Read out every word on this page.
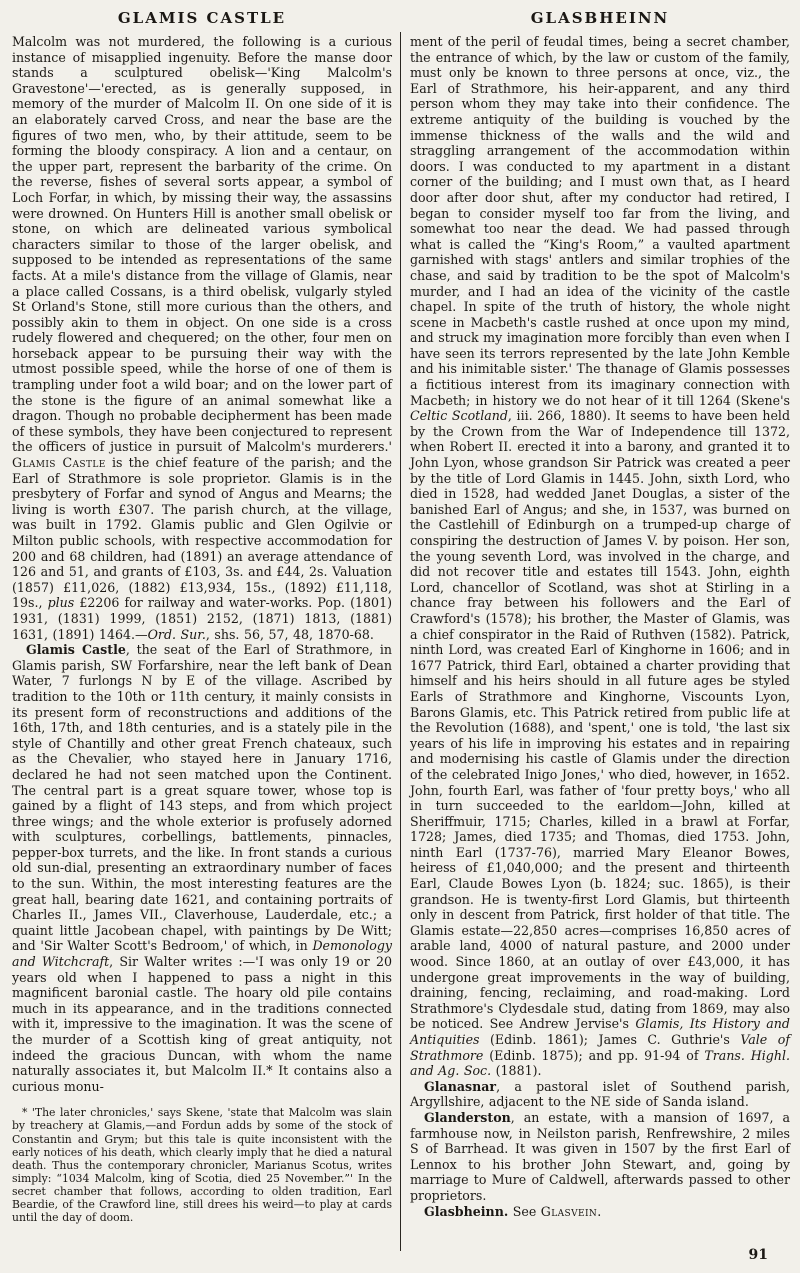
GLAMIS CASTLE

Malcolm was not murdered, the following is a curious instance of misapplied ingenuity. Before the manse door stands a sculptured obelisk—'King Malcolm's Gravestone'—'erected, as is generally supposed, in memory of the murder of Malcolm II. On one side of it is an elaborately carved Cross, and near the base are the figures of two men, who, by their attitude, seem to be forming the bloody conspiracy. A lion and a centaur, on the upper part, represent the barbarity of the crime. On the reverse, fishes of several sorts appear, a symbol of Loch Forfar, in which, by missing their way, the assassins were drowned. On Hunters Hill is another small obelisk or stone, on which are delineated various symbolical characters similar to those of the larger obelisk, and supposed to be intended as representations of the same facts. At a mile's distance from the village of Glamis, near a place called Cossans, is a third obelisk, vulgarly styled St Orland's Stone, still more curious than the others, and possibly akin to them in object. On one side is a cross rudely flowered and chequered; on the other, four men on horseback appear to be pursuing their way with the utmost possible speed, while the horse of one of them is trampling under foot a wild boar; and on the lower part of the stone is the figure of an animal somewhat like a dragon. Though no probable decipherment has been made of these symbols, they have been conjectured to represent the officers of justice in pursuit of Malcolm's murderers.' Glamis Castle is the chief feature of the parish; and the Earl of Strathmore is sole proprietor. Glamis is in the presbytery of Forfar and synod of Angus and Mearns; the living is worth £307. The parish church, at the village, was built in 1792. Glamis public and Glen Ogilvie or Milton public schools, with respective accommodation for 200 and 68 children, had (1891) an average attendance of 126 and 51, and grants of £103, 3s. and £44, 2s. Valuation (1857) £11,026, (1882) £13,934, 15s., (1892) £11,118, 19s., plus £2206 for railway and water-works. Pop. (1801) 1931, (1831) 1999, (1851) 2152, (1871) 1813, (1881) 1631, (1891) 1464.—Ord. Sur., shs. 56, 57, 48, 1870-68.

Glamis Castle, the seat of the Earl of Strathmore, in Glamis parish, SW Forfarshire, near the left bank of Dean Water, 7 furlongs N by E of the village. Ascribed by tradition to the 10th or 11th century, it mainly consists in its present form of reconstructions and additions of the 16th, 17th, and 18th centuries, and is a stately pile in the style of Chantilly and other great French chateaux, such as the Chevalier, who stayed here in January 1716, declared he had not seen matched upon the Continent. The central part is a great square tower, whose top is gained by a flight of 143 steps, and from which project three wings; and the whole exterior is profusely adorned with sculptures, corbellings, battlements, pinnacles, pepper-box turrets, and the like. In front stands a curious old sun-dial, presenting an extraordinary number of faces to the sun. Within, the most interesting features are the great hall, bearing date 1621, and containing portraits of Charles II., James VII., Claverhouse, Lauderdale, etc.; a quaint little Jacobean chapel, with paintings by De Witt; and 'Sir Walter Scott's Bedroom,' of which, in Demonology and Witchcraft, Sir Walter writes :—'I was only 19 or 20 years old when I happened to pass a night in this magnificent baronial castle. The hoary old pile contains much in its appearance, and in the traditions connected with it, impressive to the imagination. It was the scene of the murder of a Scottish king of great antiquity, not indeed the gracious Duncan, with whom the name naturally associates it, but Malcolm II.* It contains also a curious monu-

* 'The later chronicles,' says Skene, 'state that Malcolm was slain by treachery at Glamis,—and Fordun adds by some of the stock of Constantin and Grym; but this tale is quite inconsistent with the early notices of his death, which clearly imply that he died a natural death. Thus the contemporary chronicler, Marianus Scotus, writes simply: “1034 Malcolm, king of Scotia, died 25 November.”' In the secret chamber that follows, according to olden tradition, Earl Beardie, of the Crawford line, still drees his weird—to play at cards until the day of doom.
GLASBHEINN

ment of the peril of feudal times, being a secret chamber, the entrance of which, by the law or custom of the family, must only be known to three persons at once, viz., the Earl of Strathmore, his heir-apparent, and any third person whom they may take into their confidence. The extreme antiquity of the building is vouched by the immense thickness of the walls and the wild and straggling arrangement of the accommodation within doors. I was conducted to my apartment in a distant corner of the building; and I must own that, as I heard door after door shut, after my conductor had retired, I began to consider myself too far from the living, and somewhat too near the dead. We had passed through what is called the “King's Room,” a vaulted apartment garnished with stags' antlers and similar trophies of the chase, and said by tradition to be the spot of Malcolm's murder, and I had an idea of the vicinity of the castle chapel. In spite of the truth of history, the whole night scene in Macbeth's castle rushed at once upon my mind, and struck my imagination more forcibly than even when I have seen its terrors represented by the late John Kemble and his inimitable sister.' The thanage of Glamis possesses a fictitious interest from its imaginary connection with Macbeth; in history we do not hear of it till 1264 (Skene's Celtic Scotland, iii. 266, 1880). It seems to have been held by the Crown from the War of Independence till 1372, when Robert II. erected it into a barony, and granted it to John Lyon, whose grandson Sir Patrick was created a peer by the title of Lord Glamis in 1445. John, sixth Lord, who died in 1528, had wedded Janet Douglas, a sister of the banished Earl of Angus; and she, in 1537, was burned on the Castlehill of Edinburgh on a trumped-up charge of conspiring the destruction of James V. by poison. Her son, the young seventh Lord, was involved in the charge, and did not recover title and estates till 1543. John, eighth Lord, chancellor of Scotland, was shot at Stirling in a chance fray between his followers and the Earl of Crawford's (1578); his brother, the Master of Glamis, was a chief conspirator in the Raid of Ruthven (1582). Patrick, ninth Lord, was created Earl of Kinghorne in 1606; and in 1677 Patrick, third Earl, obtained a charter providing that himself and his heirs should in all future ages be styled Earls of Strathmore and Kinghorne, Viscounts Lyon, Barons Glamis, etc. This Patrick retired from public life at the Revolution (1688), and 'spent,' one is told, 'the last six years of his life in improving his estates and in repairing and modernising his castle of Glamis under the direction of the celebrated Inigo Jones,' who died, however, in 1652. John, fourth Earl, was father of 'four pretty boys,' who all in turn succeeded to the earldom—John, killed at Sheriffmuir, 1715; Charles, killed in a brawl at Forfar, 1728; James, died 1735; and Thomas, died 1753. John, ninth Earl (1737-76), married Mary Eleanor Bowes, heiress of £1,040,000; and the present and thirteenth Earl, Claude Bowes Lyon (b. 1824; suc. 1865), is their grandson. He is twenty-first Lord Glamis, but thirteenth only in descent from Patrick, first holder of that title. The Glamis estate—22,850 acres—comprises 16,850 acres of arable land, 4000 of natural pasture, and 2000 under wood. Since 1860, at an outlay of over £43,000, it has undergone great improvements in the way of building, draining, fencing, reclaiming, and road-making. Lord Strathmore's Clydesdale stud, dating from 1869, may also be noticed. See Andrew Jervise's Glamis, Its History and Antiquities (Edinb. 1861); James C. Guthrie's Vale of Strathmore (Edinb. 1875); and pp. 91-94 of Trans. Highl. and Ag. Soc. (1881).

Glanasnar, a pastoral islet of Southend parish, Argyllshire, adjacent to the NE side of Sanda island.

Glanderston, an estate, with a mansion of 1697, a farmhouse now, in Neilston parish, Renfrewshire, 2 miles S of Barrhead. It was given in 1507 by the first Earl of Lennox to his brother John Stewart, and, going by marriage to Mure of Caldwell, afterwards passed to other proprietors.

Glasbheinn. See Glasvein.

91
